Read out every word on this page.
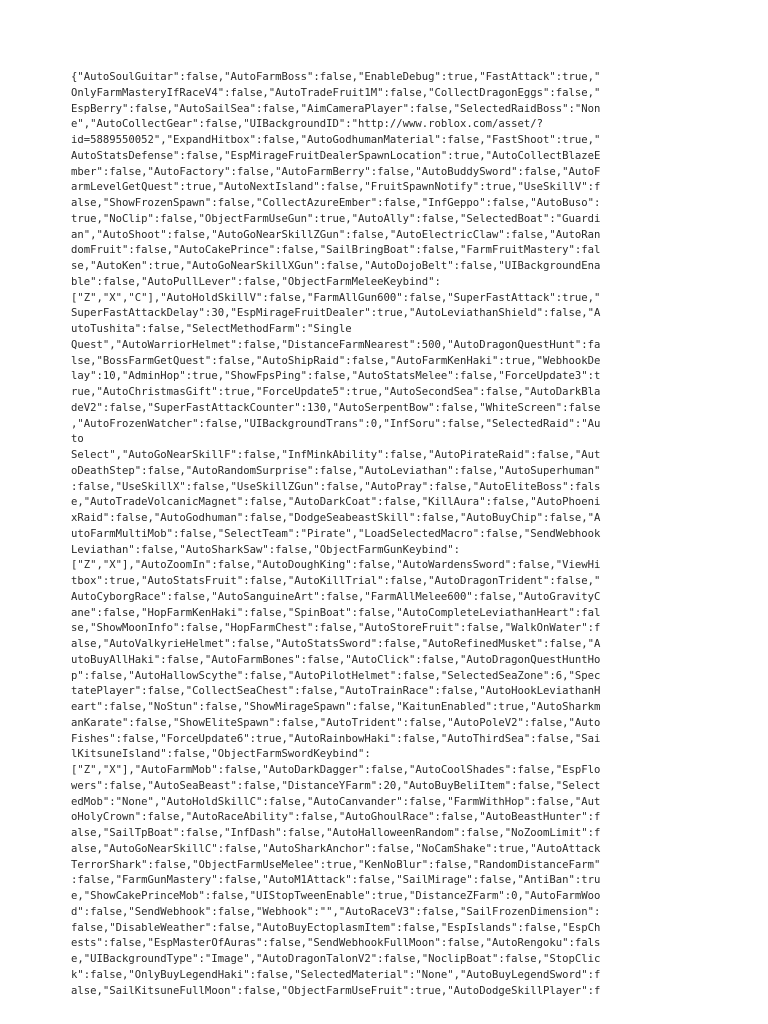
{"AutoSoulGuitar":false,"AutoFarmBoss":false,"EnableDebug":true,"FastAttack":true,"
OnlyFarmMasteryIfRaceV4":false,"AutoTradeFruit1M":false,"CollectDragonEggs":false,"
EspBerry":false,"AutoSailSea":false,"AimCameraPlayer":false,"SelectedRaidBoss":"Non
e","AutoCollectGear":false,"UIBackgroundID":"http://www.roblox.com/asset/?
id=5889550052","ExpandHitbox":false,"AutoGodhumanMaterial":false,"FastShoot":true,"
AutoStatsDefense":false,"EspMirageFruitDealerSpawnLocation":true,"AutoCollectBlazeE
mber":false,"AutoFactory":false,"AutoFarmBerry":false,"AutoBuddySword":false,"AutoF
armLevelGetQuest":true,"AutoNextIsland":false,"FruitSpawnNotify":true,"UseSkillV":f
alse,"ShowFrozenSpawn":false,"CollectAzureEmber":false,"InfGeppo":false,"AutoBuso":
true,"NoClip":false,"ObjectFarmUseGun":true,"AutoAlly":false,"SelectedBoat":"Guardi
an","AutoShoot":false,"AutoGoNearSkillZGun":false,"AutoElectricClaw":false,"AutoRan
domFruit":false,"AutoCakePrince":false,"SailBringBoat":false,"FarmFruitMastery":fal
se,"AutoKen":true,"AutoGoNearSkillXGun":false,"AutoDojoBelt":false,"UIBackgroundEna
ble":false,"AutoPullLever":false,"ObjectFarmMeleeKeybind":
["Z","X","C"],"AutoHoldSkillV":false,"FarmAllGun600":false,"SuperFastAttack":true,"
SuperFastAttackDelay":30,"EspMirageFruitDealer":true,"AutoLeviathanShield":false,"A
utoTushita":false,"SelectMethodFarm":"Single
Quest","AutoWarriorHelmet":false,"DistanceFarmNearest":500,"AutoDragonQuestHunt":fa
lse,"BossFarmGetQuest":false,"AutoShipRaid":false,"AutoFarmKenHaki":true,"WebhookDe
lay":10,"AdminHop":true,"ShowFpsPing":false,"AutoStatsMelee":false,"ForceUpdate3":t
rue,"AutoChristmasGift":true,"ForceUpdate5":true,"AutoSecondSea":false,"AutoDarkBla
deV2":false,"SuperFastAttackCounter":130,"AutoSerpentBow":false,"WhiteScreen":false
,"AutoFrozenWatcher":false,"UIBackgroundTrans":0,"InfSoru":false,"SelectedRaid":"Au
to
Select","AutoGoNearSkillF":false,"InfMinkAbility":false,"AutoPirateRaid":false,"Aut
oDeathStep":false,"AutoRandomSurprise":false,"AutoLeviathan":false,"AutoSuperhuman"
:false,"UseSkillX":false,"UseSkillZGun":false,"AutoPray":false,"AutoEliteBoss":fals
e,"AutoTradeVolcanicMagnet":false,"AutoDarkCoat":false,"KillAura":false,"AutoPhoeni
xRaid":false,"AutoGodhuman":false,"DodgeSeabeastSkill":false,"AutoBuyChip":false,"A
utoFarmMultiMob":false,"SelectTeam":"Pirate","LoadSelectedMacro":false,"SendWebhook
Leviathan":false,"AutoSharkSaw":false,"ObjectFarmGunKeybind":
["Z","X"],"AutoZoomIn":false,"AutoDoughKing":false,"AutoWardensSword":false,"ViewHi
tbox":true,"AutoStatsFruit":false,"AutoKillTrial":false,"AutoDragonTrident":false,"
AutoCyborgRace":false,"AutoSanguineArt":false,"FarmAllMelee600":false,"AutoGravityC
ane":false,"HopFarmKenHaki":false,"SpinBoat":false,"AutoCompleteLeviathanHeart":fal
se,"ShowMoonInfo":false,"HopFarmChest":false,"AutoStoreFruit":false,"WalkOnWater":f
alse,"AutoValkyrieHelmet":false,"AutoStatsSword":false,"AutoRefinedMusket":false,"A
utoBuyAllHaki":false,"AutoFarmBones":false,"AutoClick":false,"AutoDragonQuestHuntHo
p":false,"AutoHallowScythe":false,"AutoPilotHelmet":false,"SelectedSeaZone":6,"Spec
tatePlayer":false,"CollectSeaChest":false,"AutoTrainRace":false,"AutoHookLeviathanH
eart":false,"NoStun":false,"ShowMirageSpawn":false,"KaitunEnabled":true,"AutoSharkm
anKarate":false,"ShowEliteSpawn":false,"AutoTrident":false,"AutoPoleV2":false,"Auto
Fishes":false,"ForceUpdate6":true,"AutoRainbowHaki":false,"AutoThirdSea":false,"Sai
lKitsuneIsland":false,"ObjectFarmSwordKeybind":
["Z","X"],"AutoFarmMob":false,"AutoDarkDagger":false,"AutoCoolShades":false,"EspFlo
wers":false,"AutoSeaBeast":false,"DistanceYFarm":20,"AutoBuyBeliItem":false,"Select
edMob":"None","AutoHoldSkillC":false,"AutoCanvander":false,"FarmWithHop":false,"Aut
oHolyCrown":false,"AutoRaceAbility":false,"AutoGhoulRace":false,"AutoBeastHunter":f
alse,"SailTpBoat":false,"InfDash":false,"AutoHalloweenRandom":false,"NoZoomLimit":f
alse,"AutoGoNearSkillC":false,"AutoSharkAnchor":false,"NoCamShake":true,"AutoAttack
TerrorShark":false,"ObjectFarmUseMelee":true,"KenNoBlur":false,"RandomDistanceFarm"
:false,"FarmGunMastery":false,"AutoM1Attack":false,"SailMirage":false,"AntiBan":tru
e,"ShowCakePrinceMob":false,"UIStopTweenEnable":true,"DistanceZFarm":0,"AutoFarmWoo
d":false,"SendWebhook":false,"Webhook":"","AutoRaceV3":false,"SailFrozenDimension":
false,"DisableWeather":false,"AutoBuyEctoplasmItem":false,"EspIslands":false,"EspCh
ests":false,"EspMasterOfAuras":false,"SendWebhookFullMoon":false,"AutoRengoku":fals
e,"UIBackgroundType":"Image","AutoDragonTalonV2":false,"NoclipBoat":false,"StopClic
k":false,"OnlyBuyLegendHaki":false,"SelectedMaterial":"None","AutoBuyLegendSword":f
alse,"SailKitsuneFullMoon":false,"ObjectFarmUseFruit":true,"AutoDodgeSkillPlayer":f
